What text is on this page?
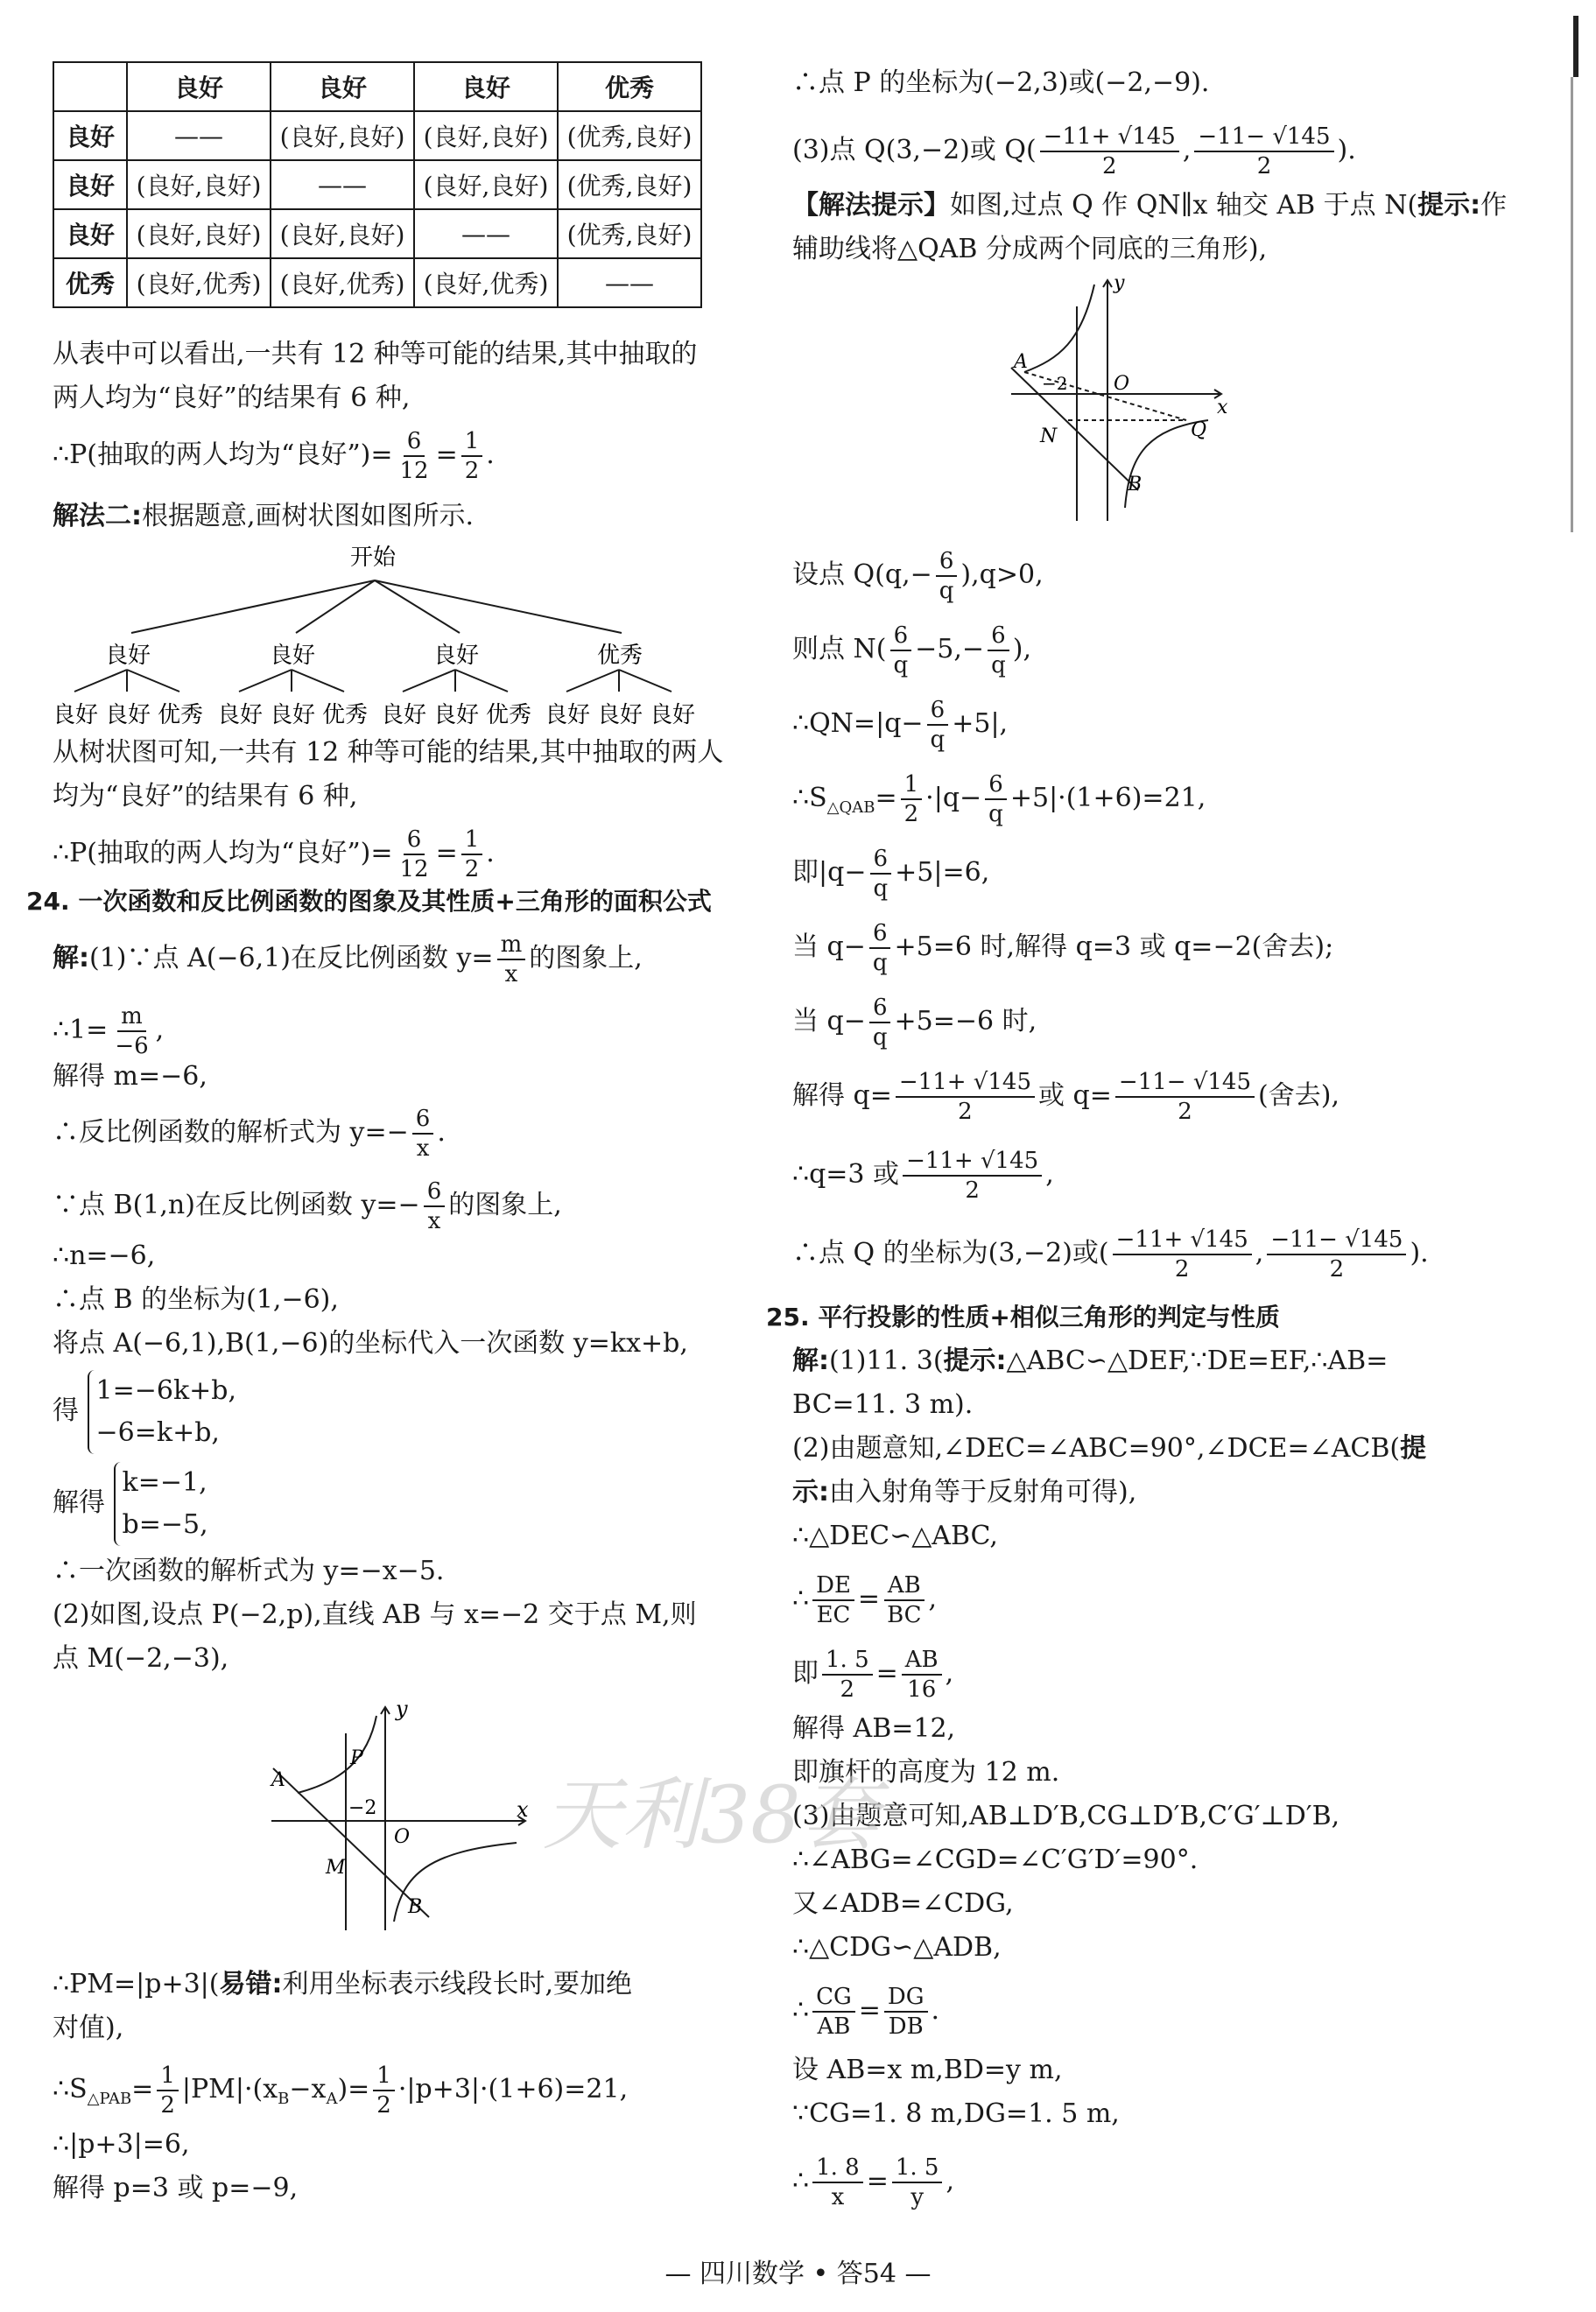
	良好	良好	良好	优秀
良好	——	(良好,良好)	(良好,良好)	(优秀,良好)
良好	(良好,良好)	——	(良好,良好)	(优秀,良好)
良好	(良好,良好)	(良好,良好)	——	(优秀,良好)
优秀	(良好,优秀)	(良好,优秀)	(良好,优秀)	——
从表中可以看出,一共有 12 种等可能的结果,其中抽取的
两人均为“良好”的结果有 6 种,
∴P(抽取的两人均为“良好”)= $\frac{6}{12} = \frac{1}{2}$ .
解法二:根据题意,画树状图如图所示.
开始
良好	良好	良好	优秀
良好 良好 优秀 良好 良好 优秀 良好 良好 优秀 良好 良好 良好
从树状图可知,一共有 12 种等可能的结果,其中抽取的两人
均为“良好”的结果有 6 种,
∴P(抽取的两人均为“良好”)= $\frac{6}{12} = \frac{1}{2}$ .
24. 一次函数和反比例函数的图象及其性质+三角形的面积公式
解:(1)∵点 A(−6,1)在反比例函数 $y= \frac{m}{x}$ 的图象上,
∴1= $\frac{m}{-6}$ ,
解得 m=−6,
∴反比例函数的解析式为 $y=- \frac{6}{x}$ .
∵点 B(1,n)在反比例函数 $y=- \frac{6}{x}$ 的图象上,
∴n=−6,
∴点 B 的坐标为(1,−6),
将点 A(−6,1),B(1,−6)的坐标代入一次函数 y=kx+b,
得
1=−6k+b,
−6=k+b,
解得
k=−1,
b=−5,
∴一次函数的解析式为 y=−x−5.
(2)如图,设点 P(−2,p),直线 AB 与 x=−2 交于点 M,则
点 M(−2,−3),
y
x
P
A
−2
O
M
B
∴PM=|p+3|(易错:利用坐标表示线段长时,要加绝
对值),
$\therefore S_{\triangle PAB}= \frac{1}{2} |PM|\cdot(x_B-x_A)= \frac{1}{2} \cdot|p+3|\cdot(1+6)=21$,
∴|p+3|=6,
解得 p=3 或 p=−9,
∴点 P 的坐标为(−2,3)或(−2,−9).
(3)点 Q(3,−2)或 $Q( \frac{-11+ √145}{2}$ , $\frac{-11- √145}{2}$ ).
【解法提示】如图,过点 Q 作 QN∥x 轴交 AB 于点 N(提示:作
辅助线将△QAB 分成两个同底的三角形),
y
A
−2 O
x
N	Q
B
设点 $Q(q,- \frac{6}{q} ),q>0$,
则点 $N( \frac{6}{q} -5,- \frac{6}{q}$ ),
∴QN=|q− $\frac{6}{q} +5|$,
$\therefore S_{\triangle QAB}= \frac{1}{2} \cdot|q- \frac{6}{q} +5|\cdot(1+6)=21$,
即$|q- \frac{6}{q} +5|=6$,
当 $q- \frac{6}{q} +5=6$ 时,解得 q=3 或 q=−2(舍去);
当 $q- \frac{6}{q} +5=-6$ 时,
解得 $q= \frac{-11+ √145}{2}$ 或 $q= \frac{-11- √145}{2}$ (舍去),
∴q=3 或 $\frac{-11+ √145}{2}$ ,
∴点 Q 的坐标为(3,−2)或( $\frac{-11+ √145}{2}$ , $\frac{-11- √145}{2}$ ).
25. 平行投影的性质+相似三角形的判定与性质
解:(1)11. 3(提示:△ABC∽△DEF,∵DE=EF,∴AB=
BC=11. 3 m).
(2)由题意知,∠DEC=∠ABC=90°,∠DCE=∠ACB(提
示:由入射角等于反射角可得),
∴△DEC∽△ABC,
∴ $\frac{DE}{EC} = \frac{AB}{BC}$ ,
即 $\frac{1. 5}{2} = \frac{AB}{16}$ ,
解得 AB=12,
即旗杆的高度为 12 m.
(3)由题意可知,AB⊥D′B,CG⊥D′B,C′G′⊥D′B,
∴∠ABG=∠CGD=∠C′G′D′=90°.
又∠ADB=∠CDG,
∴△CDG∽△ADB,
∴ $\frac{CG}{AB} = \frac{DG}{DB}$ .
设 AB=x m,BD=y m,
∵CG=1. 8 m,DG=1. 5 m,
∴ $\frac{1. 8}{x} = \frac{1. 5}{y}$ ,
天利38套
— 四川数学 • 答54 —
